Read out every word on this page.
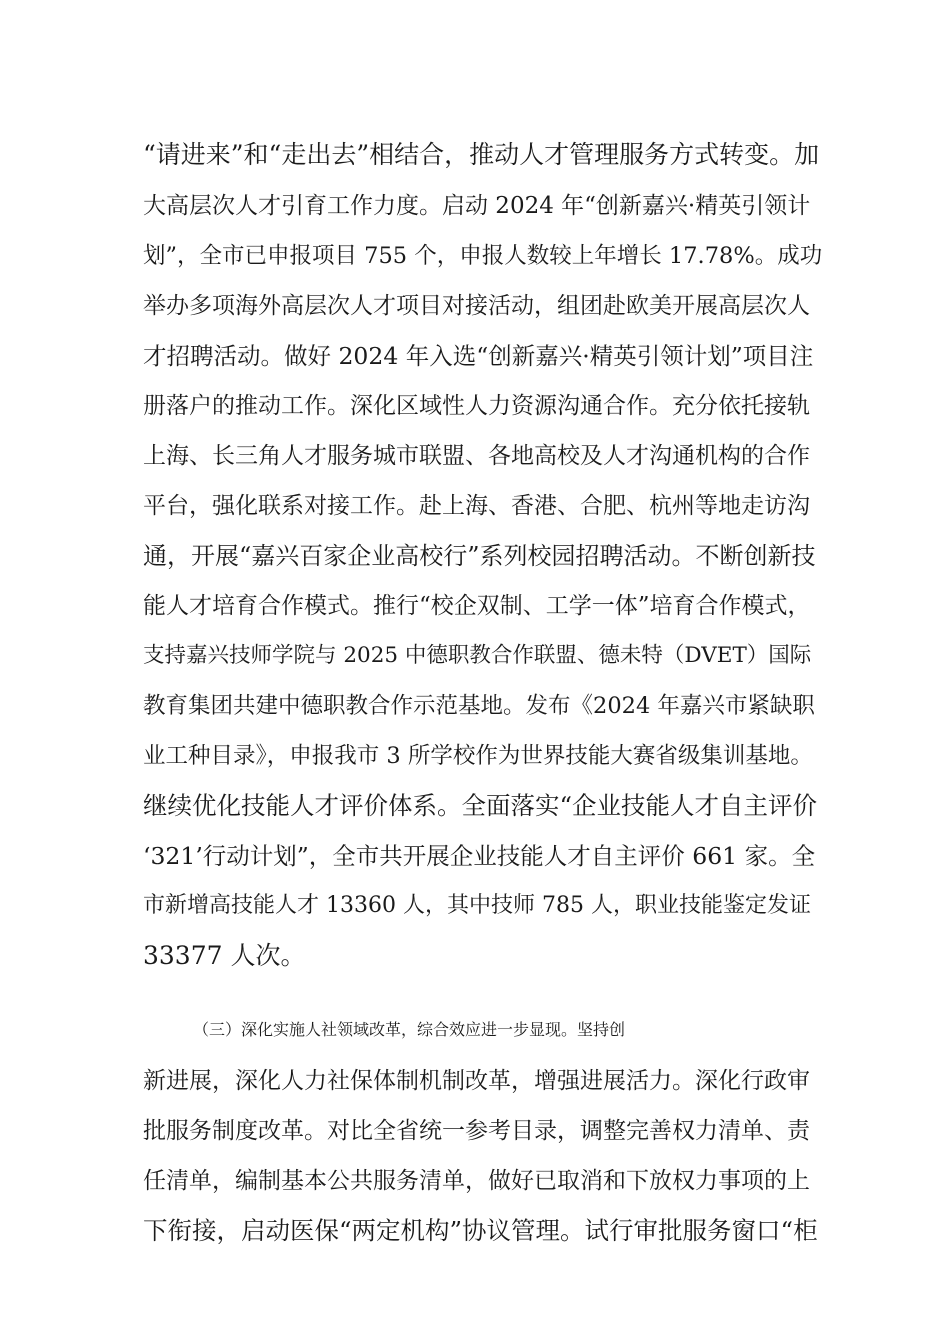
“请进来”和“走出去”相结合，推动人才管理服务方式转变。加
大高层次人才引育工作力度。启动 2024 年“创新嘉兴·精英引领计
划”，全市已申报项目 755 个，申报人数较上年增长 17.78%。成功
举办多项海外高层次人才项目对接活动，组团赴欧美开展高层次人
才招聘活动。做好 2024 年入选“创新嘉兴·精英引领计划”项目注
册落户的推动工作。深化区域性人力资源沟通合作。充分依托接轨
上海、长三角人才服务城市联盟、各地高校及人才沟通机构的合作
平台，强化联系对接工作。赴上海、香港、合肥、杭州等地走访沟
通，开展“嘉兴百家企业高校行”系列校园招聘活动。不断创新技
能人才培育合作模式。推行“校企双制、工学一体”培育合作模式，
支持嘉兴技师学院与 2025 中德职教合作联盟、德未特（DVET）国际
教育集团共建中德职教合作示范基地。发布《2024 年嘉兴市紧缺职
业工种目录》，申报我市 3 所学校作为世界技能大赛省级集训基地。
继续优化技能人才评价体系。全面落实“企业技能人才自主评价
‘321’行动计划”，全市共开展企业技能人才自主评价 661 家。全
市新增高技能人才 13360 人，其中技师 785 人，职业技能鉴定发证
33377 人次。
（三）深化实施人社领域改革，综合效应进一步显现。坚持创
新进展，深化人力社保体制机制改革，增强进展活力。深化行政审
批服务制度改革。对比全省统一参考目录，调整完善权力清单、责
任清单，编制基本公共服务清单，做好已取消和下放权力事项的上
下衔接，启动医保“两定机构”协议管理。试行审批服务窗口“柜
